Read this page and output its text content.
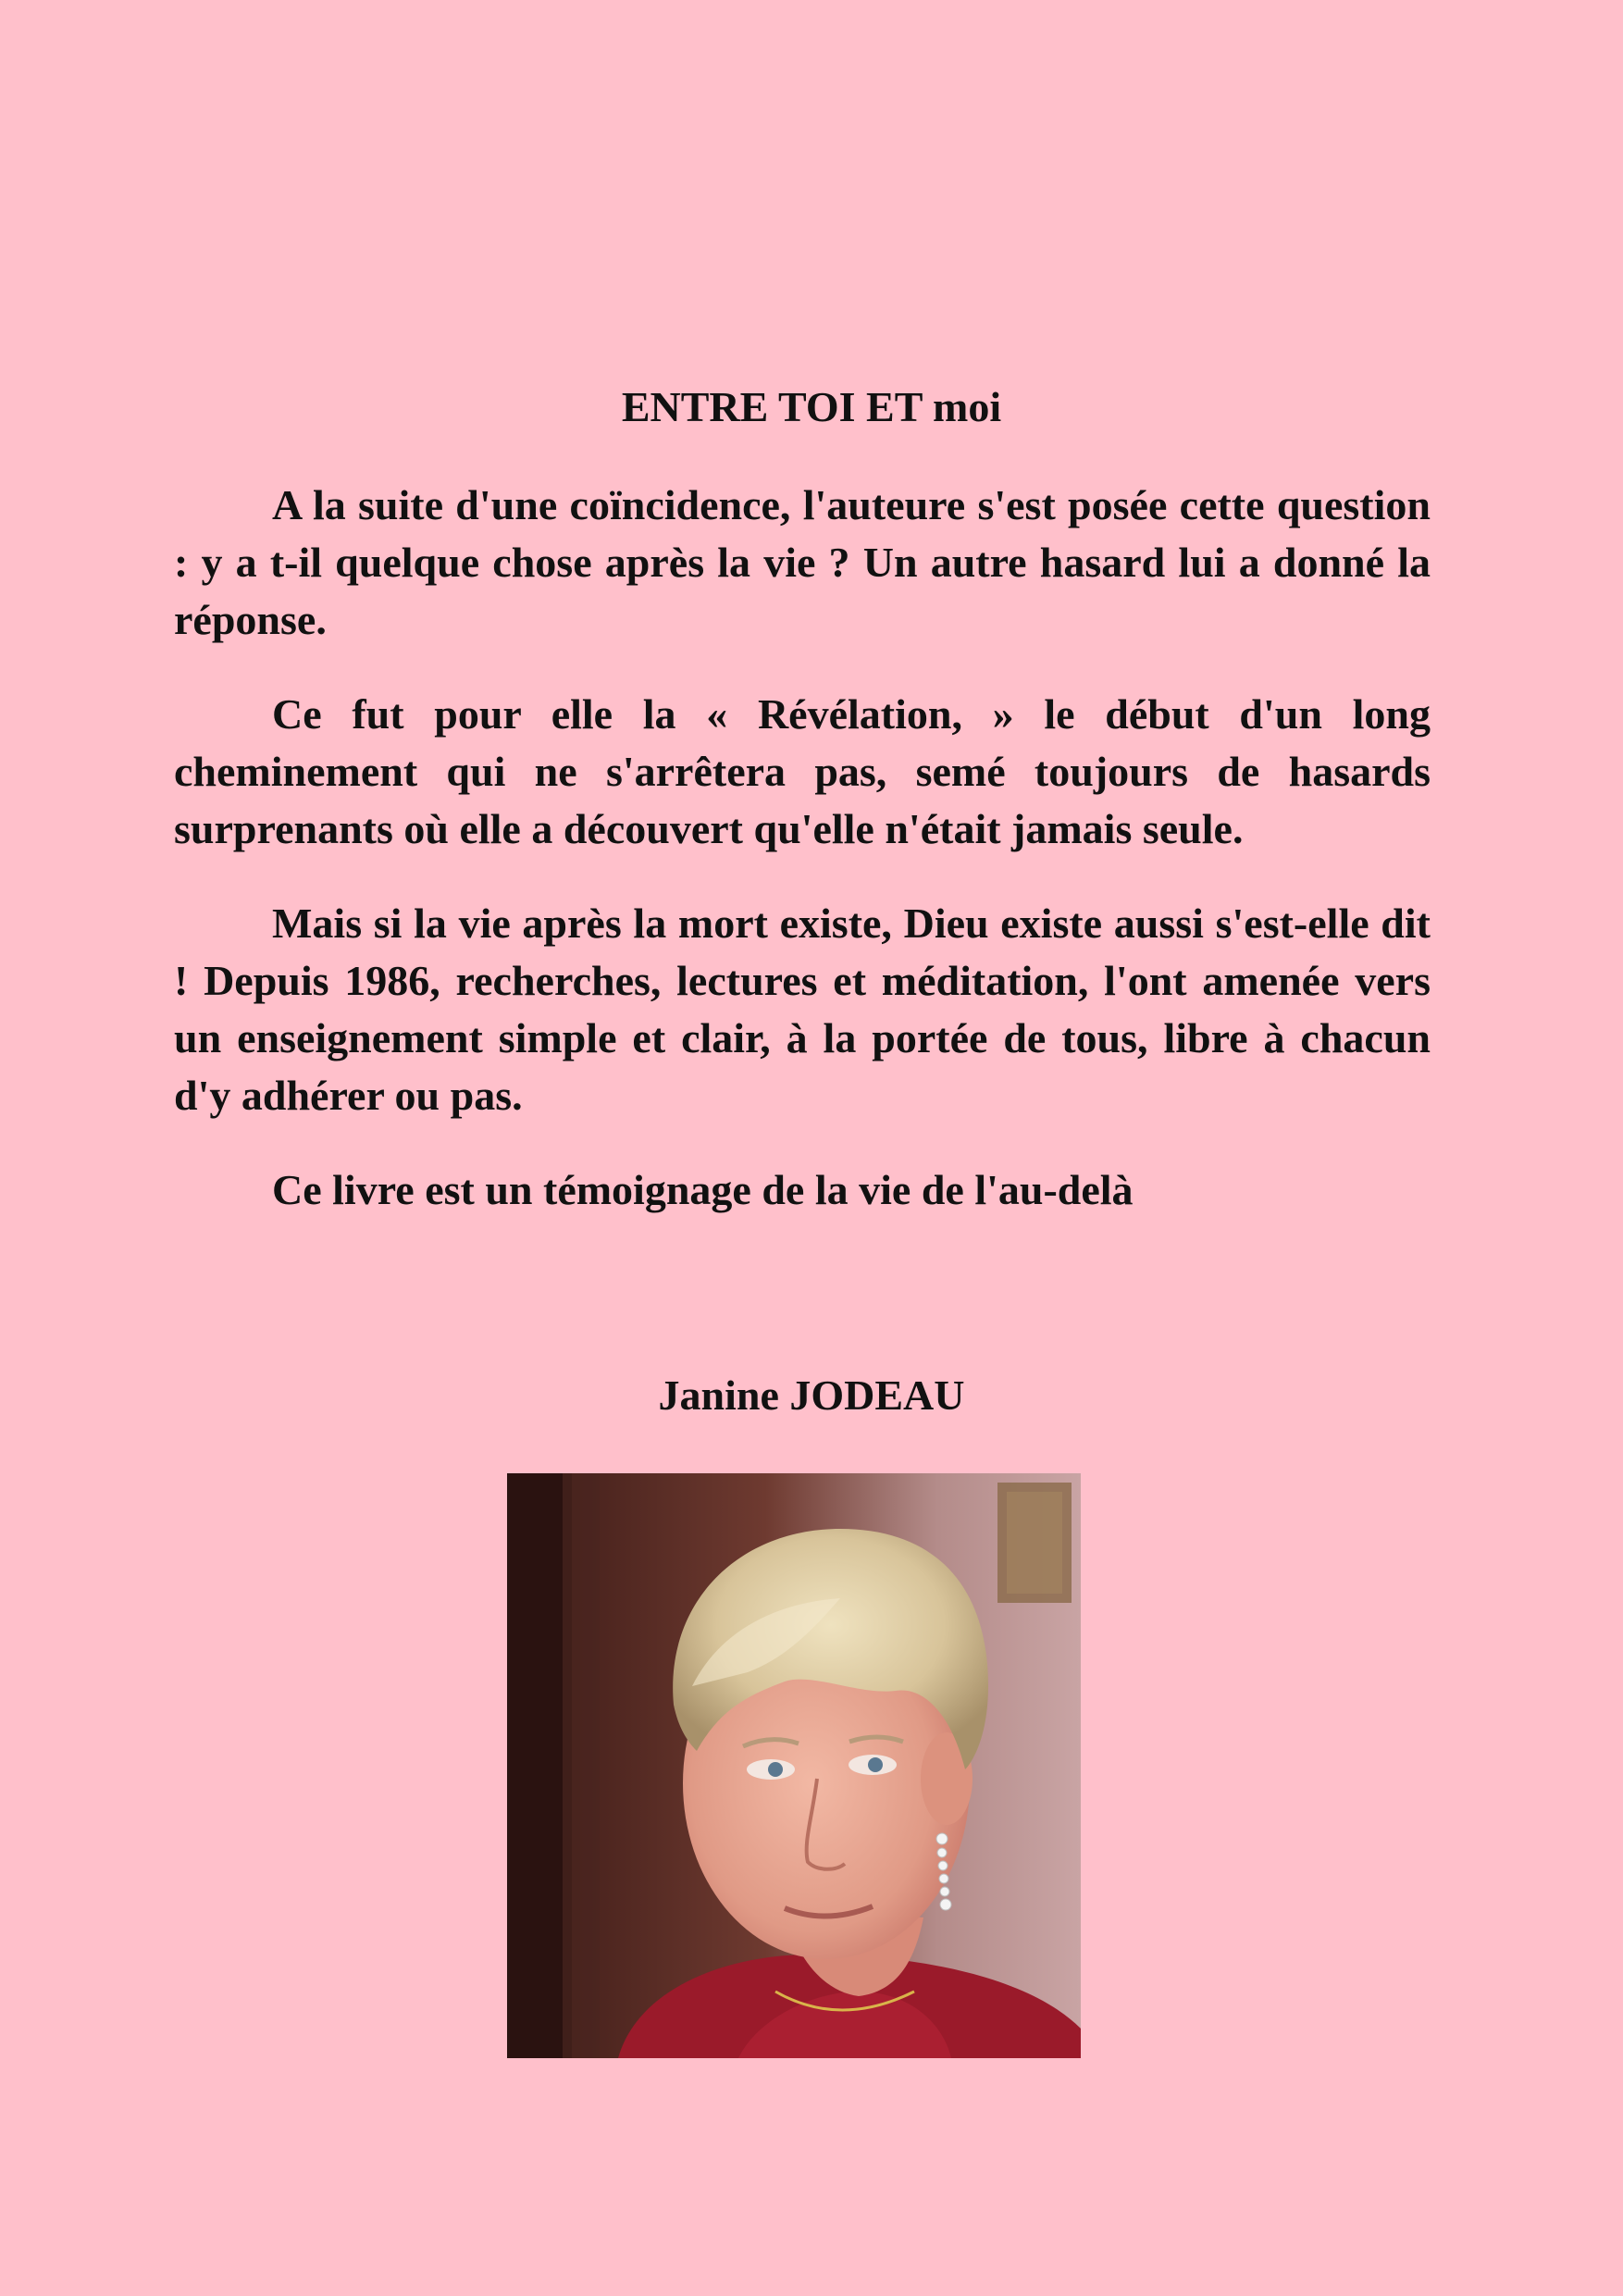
ENTRE TOI ET moi

A la suite d'une coïncidence, l'auteure s'est posée cette question : y a t-il quelque chose après la vie ? Un autre hasard lui a donné la réponse.

Ce fut pour elle la « Révélation, » le début d'un long cheminement qui ne s'arrêtera pas, semé toujours de hasards surprenants où elle a découvert qu'elle n'était jamais seule.

Mais si la vie après la mort existe, Dieu existe aussi s'est-elle dit ! Depuis 1986, recherches, lectures et méditation, l'ont amenée vers un enseignement simple et clair, à la portée de tous, libre à chacun d'y adhérer ou pas.

Ce livre est un témoignage de la vie de l'au-delà

Janine JODEAU
